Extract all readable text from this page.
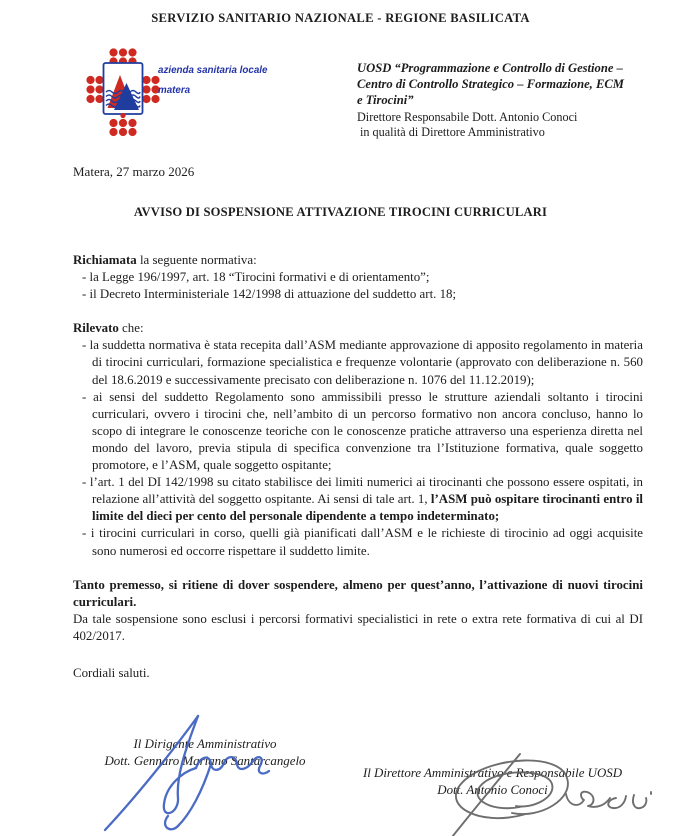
SERVIZIO SANITARIO NAZIONALE - REGIONE BASILICATA
azienda sanitaria locale
matera
UOSD “Programmazione e Controllo di Gestione –
Centro di Controllo Strategico – Formazione, ECM
e Tirocini”
Direttore Responsabile Dott. Antonio Conoci
in qualità di Direttore Amministrativo
Matera, 27 marzo 2026
AVVISO DI SOSPENSIONE ATTIVAZIONE TIROCINI CURRICULARI
Richiamata la seguente normativa:
- la Legge 196/1997, art. 18 “Tirocini formativi e di orientamento”;
- il Decreto Interministeriale 142/1998 di attuazione del suddetto art. 18;
Rilevato che:
- la suddetta normativa è stata recepita dall’ASM mediante approvazione di apposito regolamento in materia di tirocini curriculari, formazione specialistica e frequenze volontarie (approvato con deliberazione n. 560 del 18.6.2019 e successivamente precisato con deliberazione n. 1076 del 11.12.2019);
- ai sensi del suddetto Regolamento sono ammissibili presso le strutture aziendali soltanto i tirocini curriculari, ovvero i tirocini che, nell’ambito di un percorso formativo non ancora concluso, hanno lo scopo di integrare le conoscenze teoriche con le conoscenze pratiche attraverso una esperienza diretta nel mondo del lavoro, previa stipula di specifica convenzione tra l’Istituzione formativa, quale soggetto promotore, e l’ASM, quale soggetto ospitante;
- l’art. 1 del DI 142/1998 su citato stabilisce dei limiti numerici ai tirocinanti che possono essere ospitati, in relazione all’attività del soggetto ospitante. Ai sensi di tale art. 1, l’ASM può ospitare tirocinanti entro il limite del dieci per cento del personale dipendente a tempo indeterminato;
- i tirocini curriculari in corso, quelli già pianificati dall’ASM e le richieste di tirocinio ad oggi acquisite sono numerosi ed occorre rispettare il suddetto limite.
Tanto premesso, si ritiene di dover sospendere, almeno per quest’anno, l’attivazione di nuovi tirocini curriculari.
Da tale sospensione sono esclusi i percorsi formativi specialistici in rete o extra rete formativa di cui al DI 402/2017.
Cordiali saluti.
Il Dirigente Amministrativo
Dott. Gennaro Mariano Santarcangelo
Il Direttore Amministrativo e Responsabile UOSD
Dott. Antonio Conoci
